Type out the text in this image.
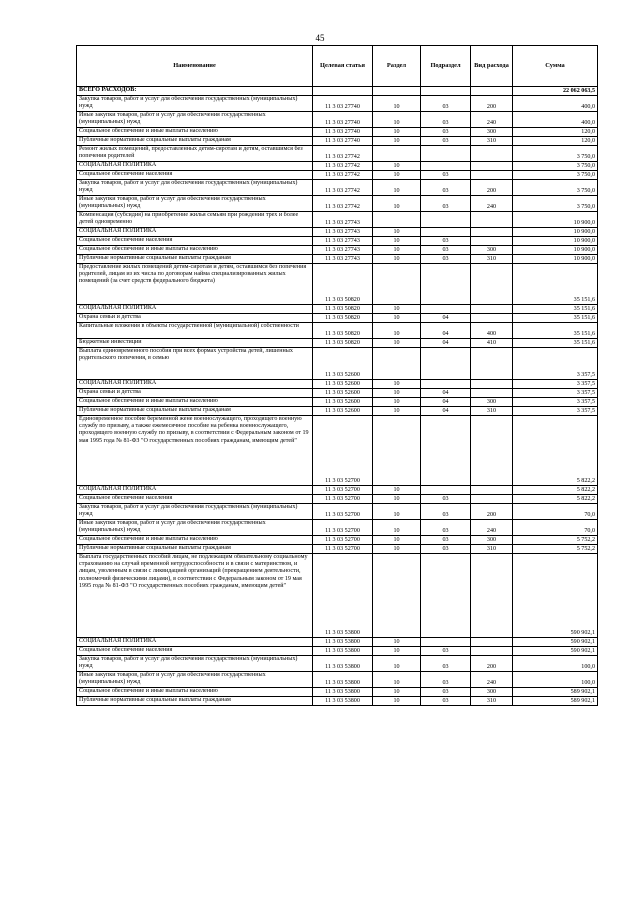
45
Наименование	Целевая статья	Раздел	Подраздел	Вид расхода	Сумма
ВСЕГО РАСХОДОВ:					22 062 063,5
Закупка товаров, работ и услуг для обеспечения государственных (муниципальных) нужд	11 3 03 27740	10	03	200	400,0
Иные закупки товаров, работ и услуг для обеспечения государственных (муниципальных) нужд	11 3 03 27740	10	03	240	400,0
Социальное обеспечение и иные выплаты населению	11 3 03 27740	10	03	300	120,0
Публичные нормативные социальные выплаты гражданам	11 3 03 27740	10	03	310	120,0
Ремонт жилых помещений, предоставленных детям-сиротам и детям, оставшимся без попечения родителей	11 3 03 27742				3 750,0
СОЦИАЛЬНАЯ ПОЛИТИКА	11 3 03 27742	10			3 750,0
Социальное обеспечение населения	11 3 03 27742	10	03		3 750,0
Закупка товаров, работ и услуг для обеспечения государственных (муниципальных) нужд	11 3 03 27742	10	03	200	3 750,0
Иные закупки товаров, работ и услуг для обеспечения государственных (муниципальных) нужд	11 3 03 27742	10	03	240	3 750,0
Компенсация (субсидия) на приобретение жилья семьям при рождении трех и более детей одновременно	11 3 03 27743				10 900,0
СОЦИАЛЬНАЯ ПОЛИТИКА	11 3 03 27743	10			10 900,0
Социальное обеспечение населения	11 3 03 27743	10	03		10 900,0
Социальное обеспечение и иные выплаты населению	11 3 03 27743	10	03	300	10 900,0
Публичные нормативные социальные выплаты гражданам	11 3 03 27743	10	03	310	10 900,0
Предоставление жилых помещений детям-сиротам и детям, оставшимся без попечения родителей, лицам из их числа по договорам найма специализированных жилых помещений (за счет средств федерального бюджета)	11 3 03 50820				35 151,6
СОЦИАЛЬНАЯ ПОЛИТИКА	11 3 03 50820	10			35 151,6
Охрана семьи и детства	11 3 03 50820	10	04		35 151,6
Капитальные вложения в объекты государственной (муниципальной) собственности	11 3 03 50820	10	04	400	35 151,6
Бюджетные инвестиции	11 3 03 50820	10	04	410	35 151,6
Выплата единовременного пособия при всех формах устройства детей, лишенных родительского попечения, в семью	11 3 03 52600				3 357,5
СОЦИАЛЬНАЯ ПОЛИТИКА	11 3 03 52600	10			3 357,5
Охрана семьи и детства	11 3 03 52600	10	04		3 357,5
Социальное обеспечение и иные выплаты населению	11 3 03 52600	10	04	300	3 357,5
Публичные нормативные социальные выплаты гражданам	11 3 03 52600	10	04	310	3 357,5
Единовременное пособие беременной жене военнослужащего, проходящего военную службу по призыву, а также ежемесячное пособие на ребенка военнослужащего, проходящего военную службу по призыву, в соответствии с Федеральным законом от 19 мая 1995 года № 81-ФЗ "О государственных пособиях гражданам, имеющим детей"	11 3 03 52700				5 822,2
СОЦИАЛЬНАЯ ПОЛИТИКА	11 3 03 52700	10			5 822,2
Социальное обеспечение населения	11 3 03 52700	10	03		5 822,2
Закупка товаров, работ и услуг для обеспечения государственных (муниципальных) нужд	11 3 03 52700	10	03	200	70,0
Иные закупки товаров, работ и услуг для обеспечения государственных (муниципальных) нужд	11 3 03 52700	10	03	240	70,0
Социальное обеспечение и иные выплаты населению	11 3 03 52700	10	03	300	5 752,2
Публичные нормативные социальные выплаты гражданам	11 3 03 52700	10	03	310	5 752,2
Выплата государственных пособий лицам, не подлежащим обязательному социальному страхованию на случай временной нетрудоспособности и в связи с материнством, и лицам, уволенным в связи с ликвидацией организаций (прекращением деятельности, полномочий физическими лицами), в соответствии с Федеральным законом от 19 мая 1995 года № 81-ФЗ "О государственных пособиях гражданам, имеющим детей"	11 3 03 53800				590 902,1
СОЦИАЛЬНАЯ ПОЛИТИКА	11 3 03 53800	10			590 902,1
Социальное обеспечение населения	11 3 03 53800	10	03		590 902,1
Закупка товаров, работ и услуг для обеспечения государственных (муниципальных) нужд	11 3 03 53800	10	03	200	100,0
Иные закупки товаров, работ и услуг для обеспечения государственных (муниципальных) нужд	11 3 03 53800	10	03	240	100,0
Социальное обеспечение и иные выплаты населению	11 3 03 53800	10	03	300	589 902,1
Публичные нормативные социальные выплаты гражданам	11 3 03 53800	10	03	310	589 902,1
